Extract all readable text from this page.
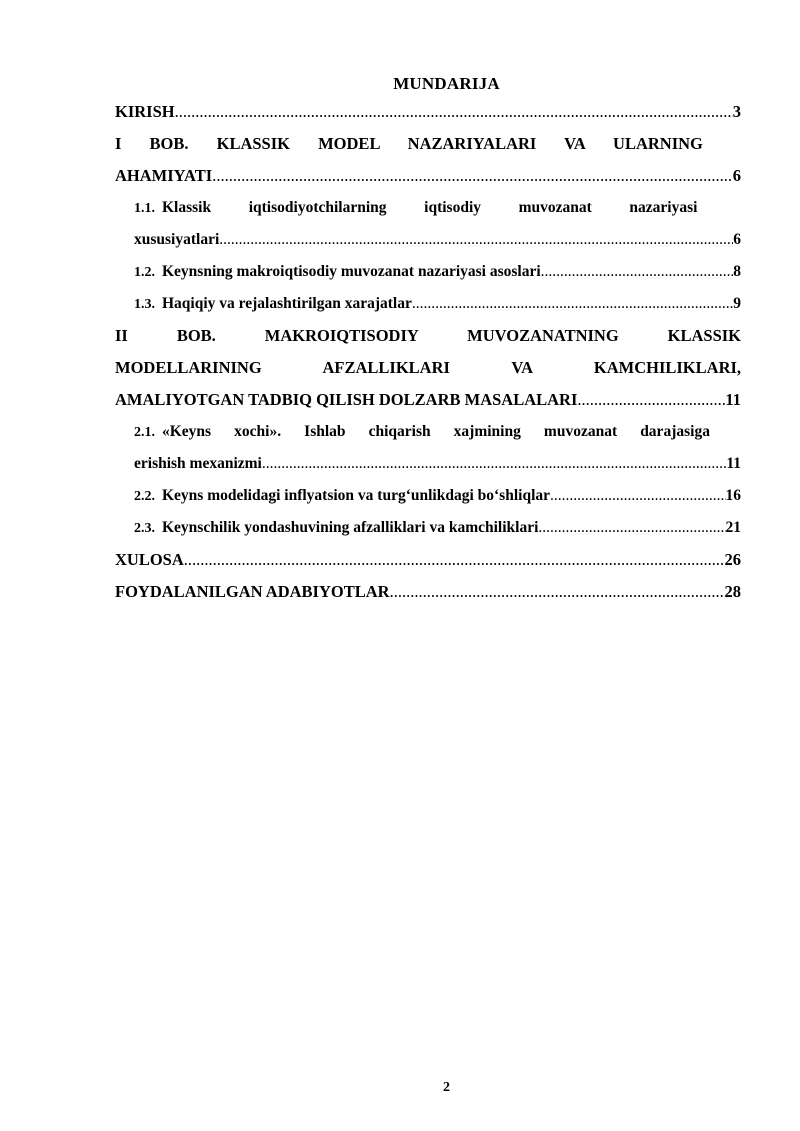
MUNDARIJA
KIRISH .....	3
I BOB. KLASSIK MODEL NAZARIYALARI VA ULARNING
AHAMIYATI .....	6
1.1. Klassik iqtisodiyotchilarning iqtisodiy muvozanat nazariyasi
xususiyatlari .....	6
1.2. Keynsning makroiqtisodiy muvozanat nazariyasi asoslari .....	8
1.3. Haqiqiy va rejalashtirilgan xarajatlar .....	9
II	BOB.	MAKROIQTISODIY	MUVOZANATNING	KLASSIK
MODELLARINING	AFZALLIKLARI	VA	KAMCHILIKLARI,
AMALIYOTGAN TADBIQ QILISH DOLZARB MASALALARI .....	11
2.1. «Keyns xochi». Ishlab chiqarish xajmining muvozanat darajasiga
erishish mexanizmi .....	11
2.2. Keyns modelidagi inflyatsion va turg‘unlikdagi bo‘shliqlar .....	16
2.3. Keynschilik yondashuvining afzalliklari va kamchiliklari .....	21
XULOSA .....	26
FOYDALANILGAN ADABIYOTLAR .....	28
2
